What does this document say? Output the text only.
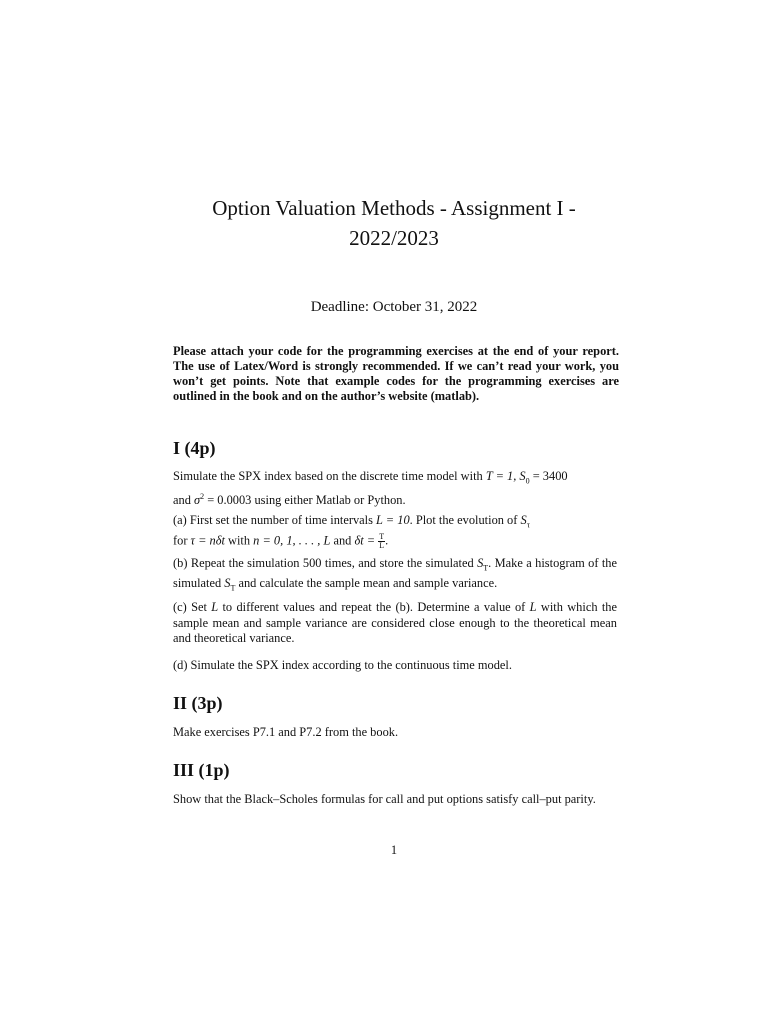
Option Valuation Methods - Assignment I -
2022/2023
Deadline: October 31, 2022

Please attach your code for the programming exercises at the end of your report. The use of Latex/Word is strongly recommended. If we can’t read your work, you won’t get points. Note that example codes for the programming exercises are outlined in the book and on the author’s website (matlab).

I (4p)

Simulate the SPX index based on the discrete time model with T = 1, $S_0 = 3400$
and $\sigma^2 = 0.0003$ using either Matlab or Python.

(a) First set the number of time intervals L = 10. Plot the evolution of $S_\tau$
for τ = nδt with n = 0, 1, . . . , L and $\delta t = \frac{T}{L}$ .

(b) Repeat the simulation 500 times, and store the simulated $S_T$. Make a histogram of the simulated $S_T$ and calculate the sample mean and sample variance.

(c) Set L to different values and repeat the (b). Determine a value of L with which the sample mean and sample variance are considered close enough to the theoretical mean and theoretical variance.

(d) Simulate the SPX index according to the continuous time model.

II (3p)

Make exercises P7.1 and P7.2 from the book.

III (1p)

Show that the Black–Scholes formulas for call and put options satisfy call–put parity.

1
